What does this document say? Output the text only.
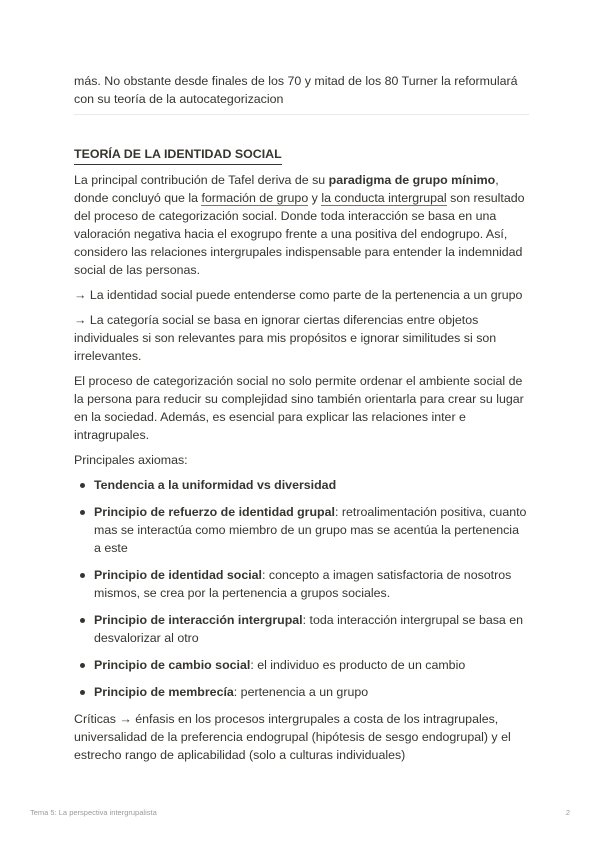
más. No obstante desde finales de los 70 y mitad de los 80 Turner la reformulará con su teoría de la autocategorizacion

TEORÍA DE LA IDENTIDAD SOCIAL

La principal contribución de Tafel deriva de su paradigma de grupo mínimo, donde concluyó que la formación de grupo y la conducta intergrupal son resultado del proceso de categorización social. Donde toda interacción se basa en una valoración negativa hacia el exogrupo frente a una positiva del endogrupo. Así, considero las relaciones intergrupales indispensable para entender la indemnidad social de las personas.

→ La identidad social puede entenderse como parte de la pertenencia a un grupo

→ La categoría social se basa en ignorar ciertas diferencias entre objetos individuales si son relevantes para mis propósitos e ignorar similitudes si son irrelevantes.

El proceso de categorización social no solo permite ordenar el ambiente social de la persona para reducir su complejidad sino también orientarla para crear su lugar en la sociedad. Además, es esencial para explicar las relaciones inter e intragrupales.

Principales axiomas:

Tendencia a la uniformidad vs diversidad
Principio de refuerzo de identidad grupal: retroalimentación positiva, cuanto mas se interactúa como miembro de un grupo mas se acentúa la pertenencia a este
Principio de identidad social: concepto a imagen satisfactoria de nosotros mismos, se crea por la pertenencia a grupos sociales.
Principio de interacción intergrupal: toda interacción intergrupal se basa en desvalorizar al otro
Principio de cambio social: el individuo es producto de un cambio
Principio de membrecía: pertenencia a un grupo

Críticas → énfasis en los procesos intergrupales a costa de los intragrupales, universalidad de la preferencia endogrupal (hipótesis de sesgo endogrupal) y el estrecho rango de aplicabilidad (solo a culturas individuales)

Tema 5: La perspectiva intergrupalista	2
